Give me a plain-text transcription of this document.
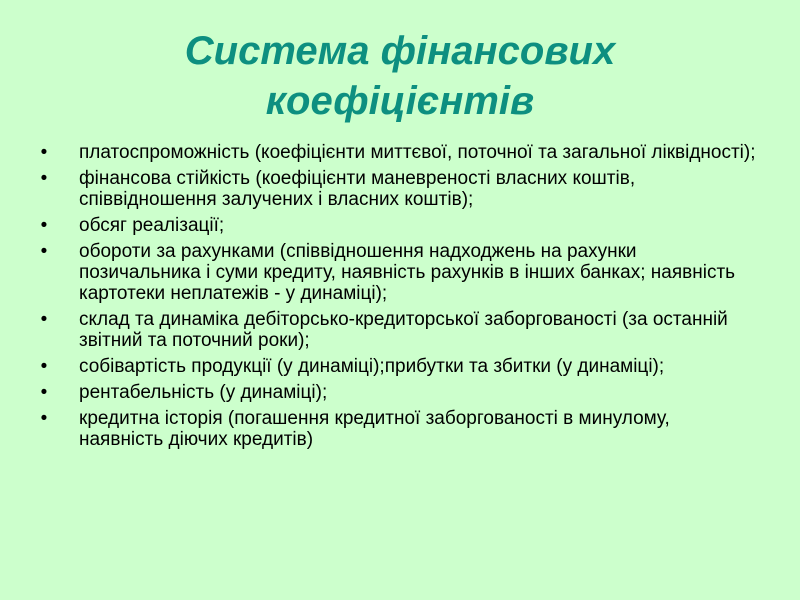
Система фінансових коефіцієнтів
• платоспроможність (коефіцієнти миттєвої, поточної та загальної ліквідності);
• фінансова стійкість (коефіцієнти маневреності власних коштів, співвідношення залучених і власних коштів);
• обсяг реалізації;
• обороти за рахунками (співвідношення надходжень на рахунки позичальника і суми кредиту, наявність рахунків в інших банках; наявність картотеки неплатежів - у динаміці);
• склад та динаміка дебіторсько-кредиторської заборгованості (за останній звітний та поточний роки);
• собівартість продукції (у динаміці);прибутки та збитки (у динаміці);
• рентабельність (у динаміці);
• кредитна історія (погашення кредитної заборгованості в минулому, наявність діючих кредитів)
